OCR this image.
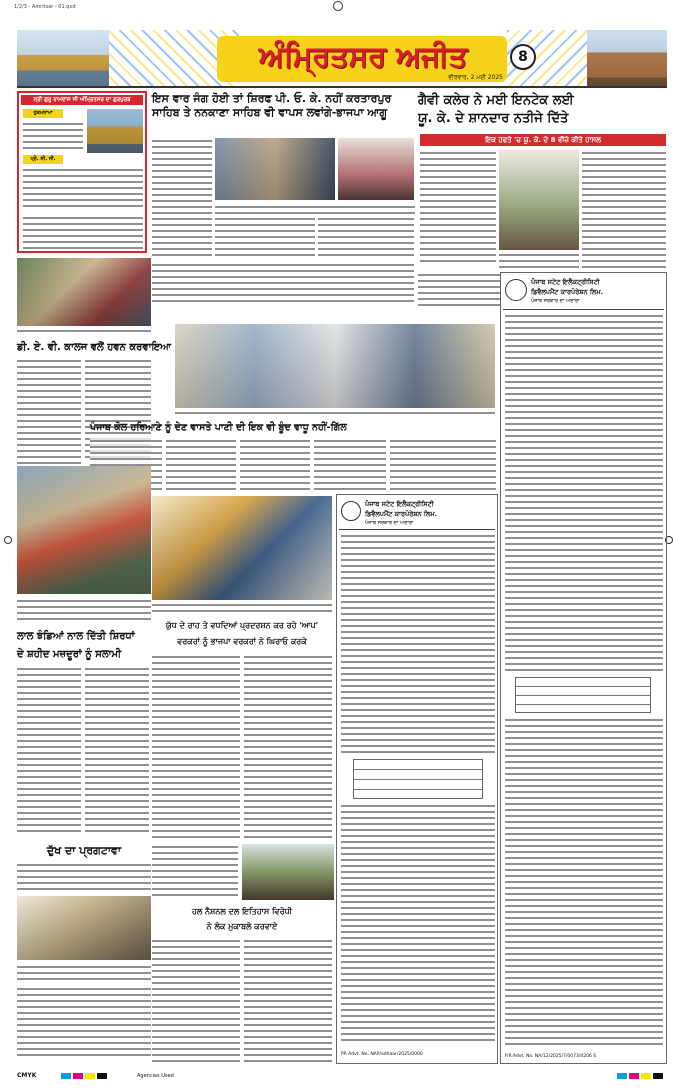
1/2/3 - Amritsar - 01.qxd
ਅੰਮ੍ਰਿਤਸਰ ਅਜੀਤ
ਵੀਰਵਾਰ, 2 ਮਈ 2025
8
ਸ੍ਰੀ ਗੁਰੂ ਰਾਮਦਾਸ ਜੀ ਅੰਮ੍ਰਿਤਸਰ ਦਾ ਗੁਰਪੁਰਬ
ਹੁਕਮਨਾਮਾ
ਪ੍ਰੋ. ਸੀ. ਜੀ.
ਇਸ ਵਾਰ ਜੰਗ ਹੋਈ ਤਾਂ ਸ਼ਿਰਫ ਪੀ. ਓ. ਕੇ. ਨਹੀਂ ਕਰਤਾਰਪੁਰ ਸਾਹਿਬ ਤੇ ਨਨਕਾਣਾ ਸਾਹਿਬ ਵੀ ਵਾਪਸ ਲਵਾਂਗੇ-ਭਾਜਪਾ ਆਗੂ
ਗੈਵੀ ਕਲੇਰ ਨੇ ਮਈ ਇਨਟੇਕ ਲਈ
ਯੂ. ਕੇ. ਦੇ ਸ਼ਾਨਦਾਰ ਨਤੀਜੇ ਦਿੱਤੇ
ਇਕ ਹਫਤੇ 'ਚ ਯੂ. ਕੇ. ਦੇ 8 ਵੀਜ਼ੇ ਕੀਤੇ ਹਾਸਲ
ਡੀ. ਏ. ਵੀ. ਕਾਲਜ ਵਲੋਂ ਹਵਨ ਕਰਵਾਇਆ
ਪੰਜਾਬ ਕੋਲ ਹਰਿਆਣੇ ਨੂੰ ਦੇਣ ਵਾਸਤੇ ਪਾਣੀ ਦੀ ਇਕ ਵੀ ਬੂੰਦ ਵਾਧੂ ਨਹੀਂ-ਗਿੱਲ
ਯੁੱਧ ਦੇ ਰਾਹ ਤੇ ਵਧਦਿਆਂ ਪ੍ਰਦਰਸ਼ਨ ਕਰ ਰਹੇ 'ਆਪ'
ਵਰਕਰਾਂ ਨੂੰ ਭਾਜਪਾ ਵਰਕਰਾਂ ਨੇ ਘਿਰਾਓ ਕਰਕੇ
ਲਾਲ ਝੰਡਿਆਂ ਨਾਲ ਦਿੱਤੀ ਸ਼ਿਰਧਾਂ
ਦੇ ਸ਼ਹੀਦ ਮਜ਼ਦੂਰਾਂ ਨੂੰ ਸਲਾਮੀ
ਦੁੱਖ ਦਾ ਪ੍ਰਗਟਾਵਾ
ਹਲ ਨੈਸ਼ਨਲ ਦਲ ਇਤਿਹਾਸ ਵਿਰੋਧੀ
ਨੇ ਲੋਕ ਮੁਕਾਬਲੇ ਕਰਵਾਏ
ਪੰਜਾਬ ਸਟੇਟ ਇਲੈਕਟ੍ਰੀਸਿਟੀ
ਡਿਵੈਲਪਮੈਂਟ ਕਾਰਪੋਰੇਸ਼ਨ ਲਿਮ.
ਪੰਜਾਬ ਸਰਕਾਰ ਦਾ ਅਦਾਰਾ
PR Advt. No. NAP/adhaar/2025/0000
ਪੰਜਾਬ ਸਟੇਟ ਇਲੈਕਟ੍ਰੀਸਿਟੀ
ਡਿਵੈਲਪਮੈਂਟ ਕਾਰਪੋਰੇਸ਼ਨ ਲਿਮ.
ਪੰਜਾਬ ਸਰਕਾਰ ਦਾ ਅਦਾਰਾ
P.R.Advt. No. NA/12/2025/7/0073/4206 S
CMYK	Agencies Used
